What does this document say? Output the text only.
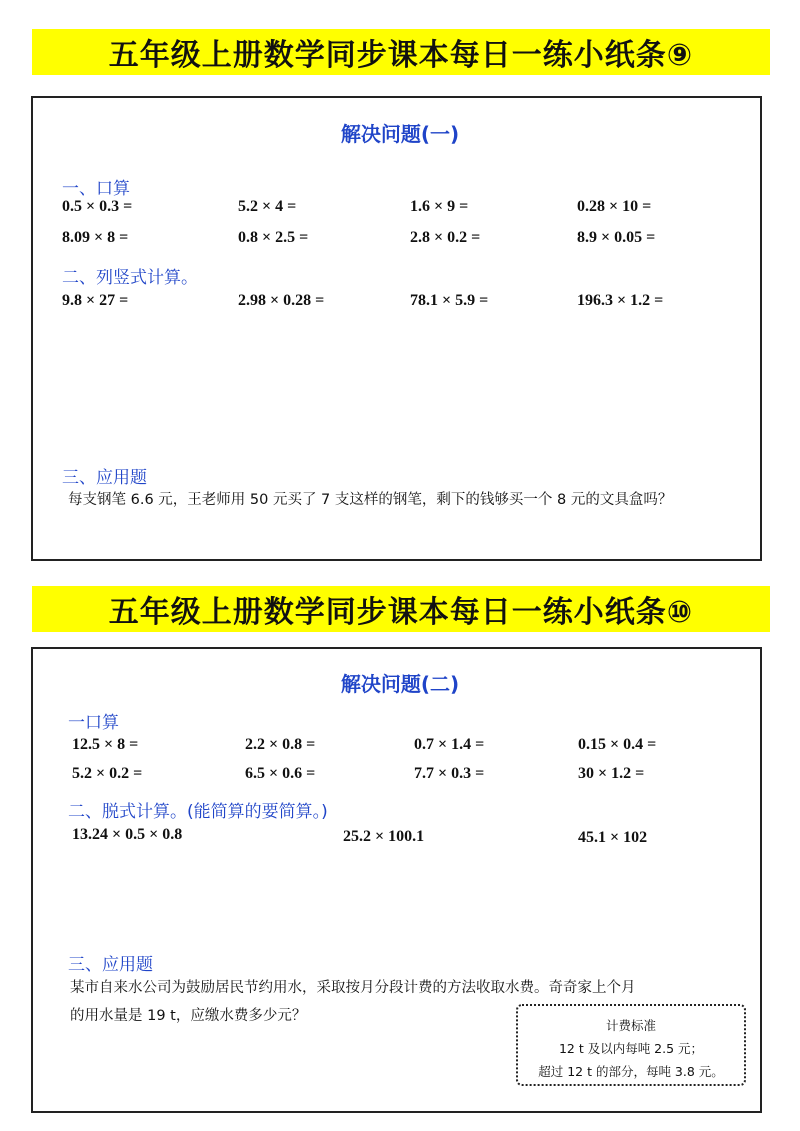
五年级上册数学同步课本每日一练小纸条⑨
解决问题(一)
一、口算
0.5 × 0.3 =	5.2 × 4 =	1.6 × 9 =	0.28 × 10 =
8.09 × 8 =	0.8 × 2.5 =	2.8 × 0.2 =	8.9 × 0.05 =
二、列竖式计算。
9.8 × 27 =	2.98 × 0.28 =	78.1 × 5.9 =	196.3 × 1.2 =
三、应用题
每支钢笔 6.6 元，王老师用 50 元买了 7 支这样的钢笔，剩下的钱够买一个 8 元的文具盒吗？
五年级上册数学同步课本每日一练小纸条⑩
解决问题(二)
一口算
12.5 × 8 =	2.2 × 0.8 =	0.7 × 1.4 =	0.15 × 0.4 =
5.2 × 0.2 =	6.5 × 0.6 =	7.7 × 0.3 =	30 × 1.2 =
二、脱式计算。(能简算的要简算。)
13.24 × 0.5 × 0.8	25.2 × 100.1	45.1 × 102
三、应用题
某市自来水公司为鼓励居民节约用水，采取按月分段计费的方法收取水费。奇奇家上个月
的用水量是 19 t，应缴水费多少元？
计费标准
12 t 及以内每吨 2.5 元；
超过 12 t 的部分，每吨 3.8 元。
